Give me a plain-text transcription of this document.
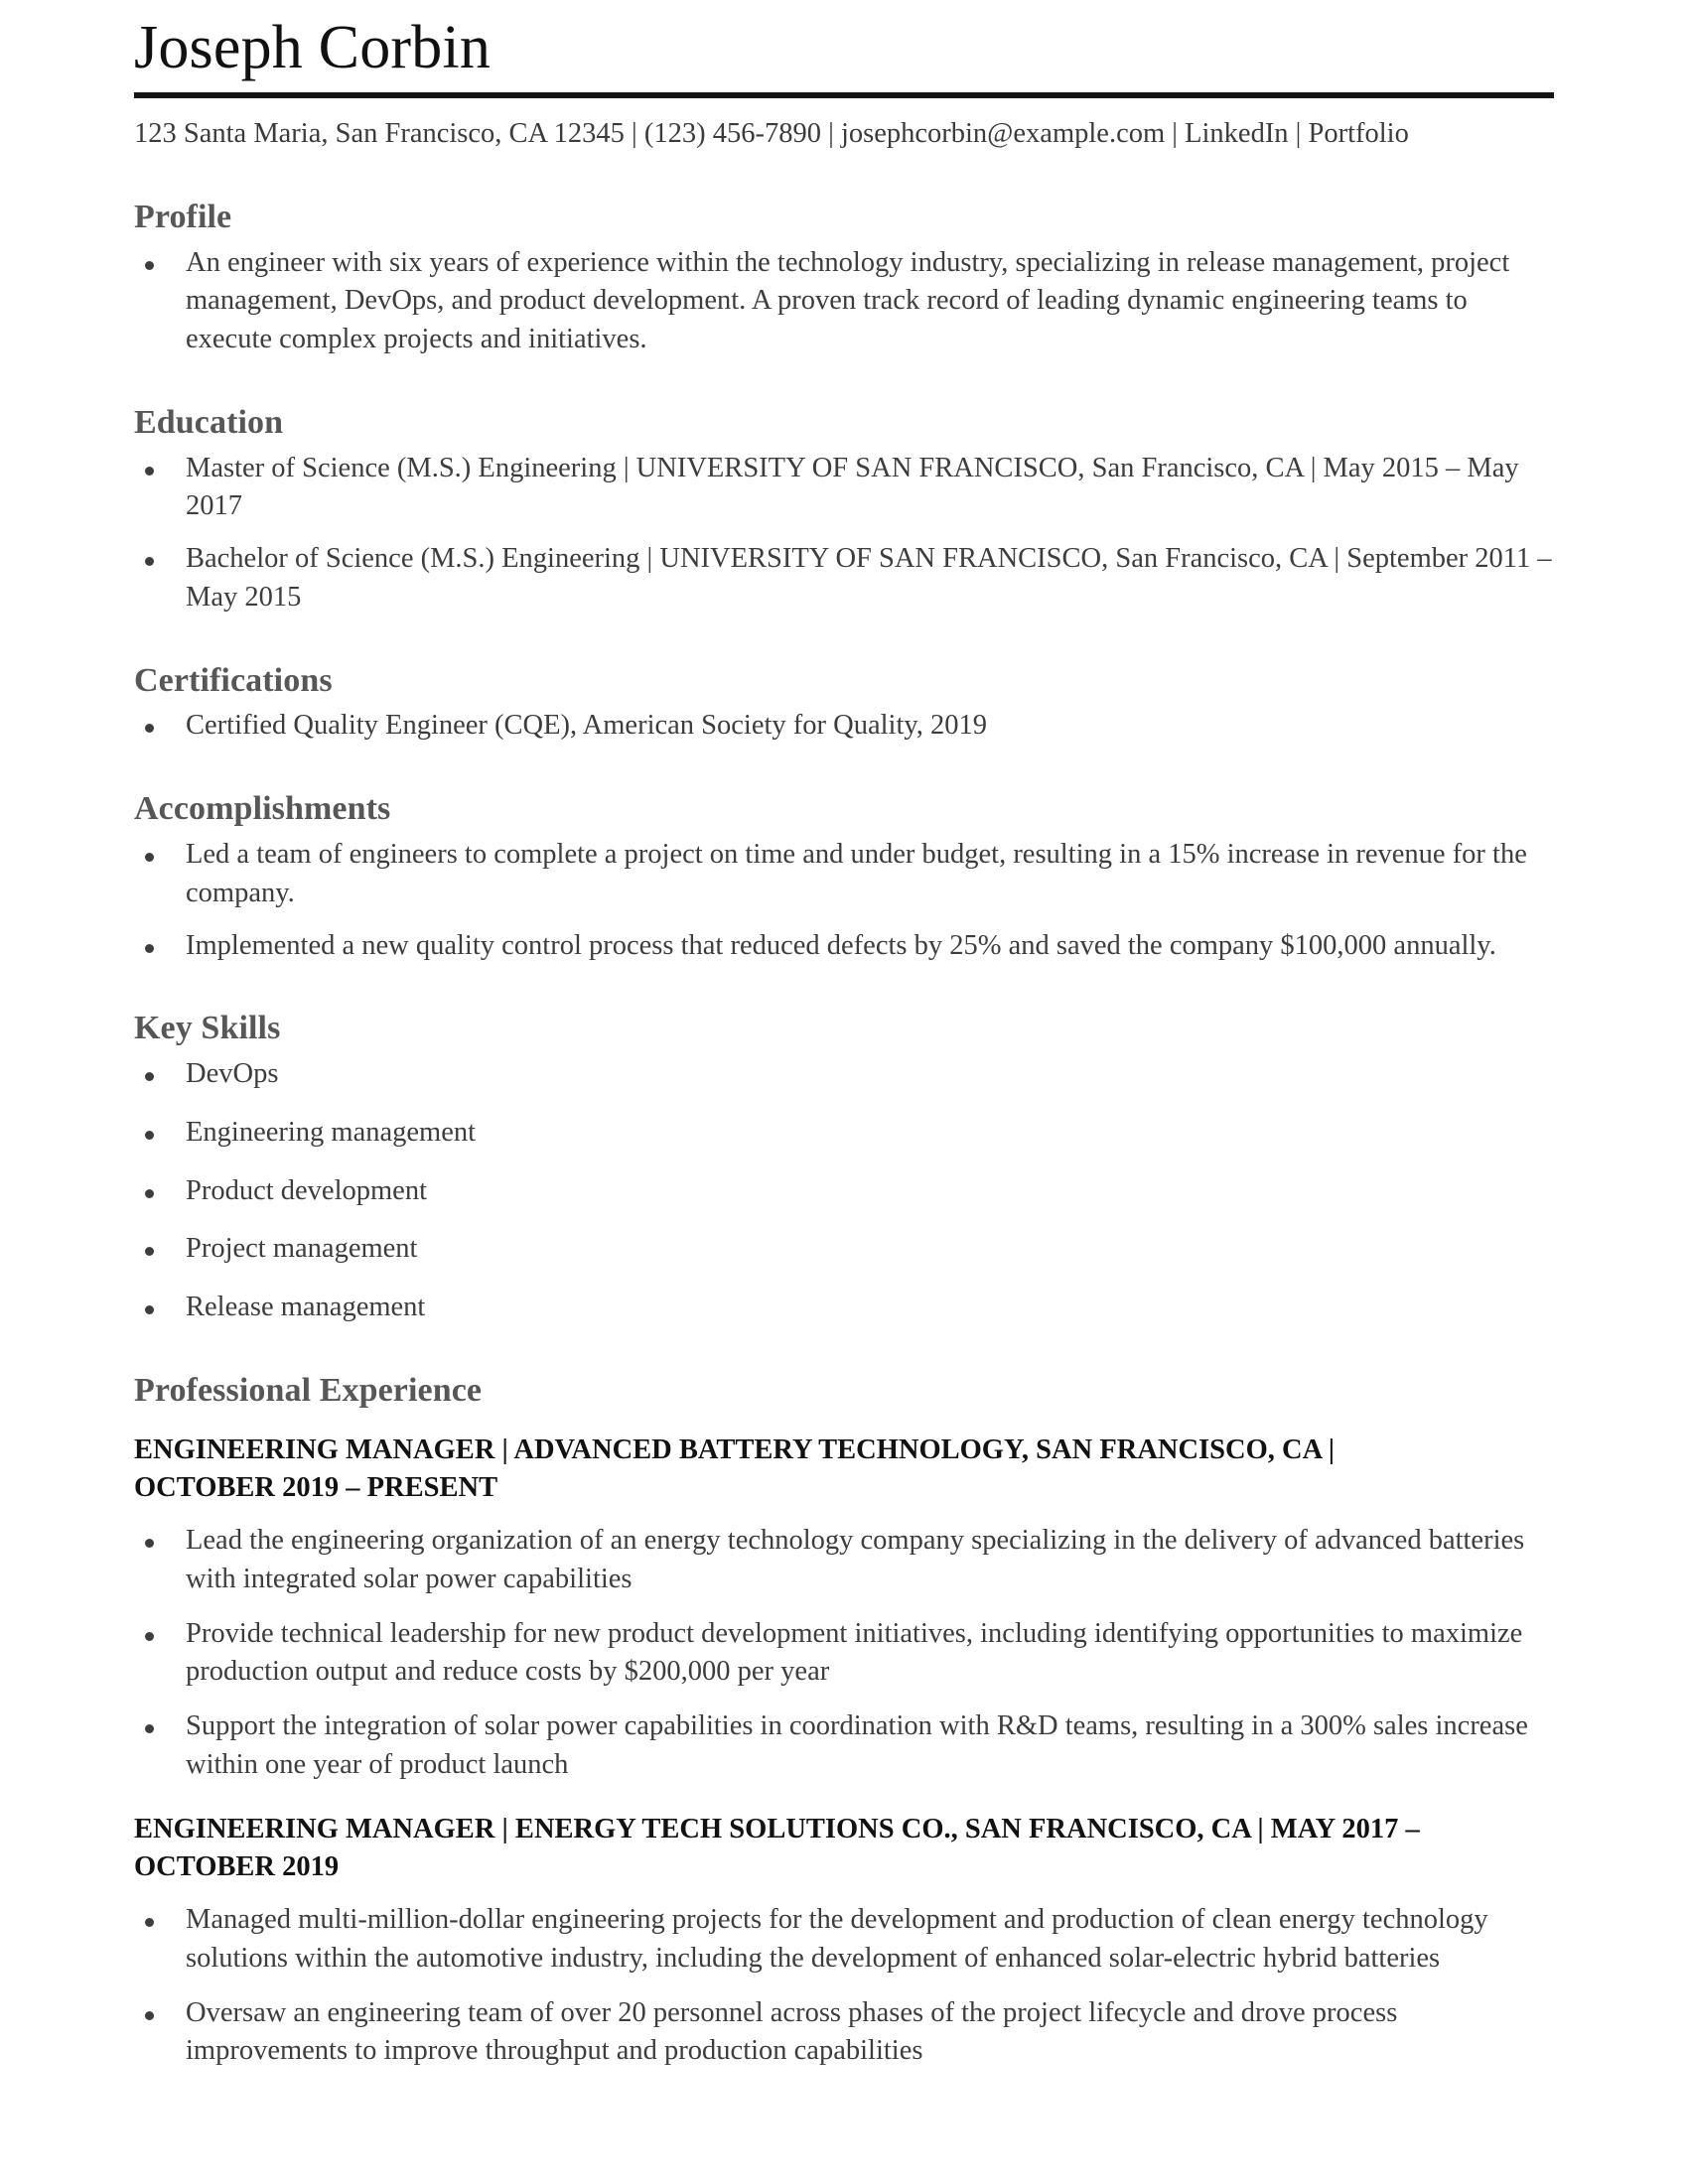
Joseph Corbin

123 Santa Maria, San Francisco, CA 12345 | (123) 456-7890 | josephcorbin@example.com | LinkedIn | Portfolio

Profile
An engineer with six years of experience within the technology industry, specializing in release management, project management, DevOps, and product development. A proven track record of leading dynamic engineering teams to execute complex projects and initiatives.
Education
Master of Science (M.S.) Engineering | UNIVERSITY OF SAN FRANCISCO, San Francisco, CA | May 2015 – May 2017
Bachelor of Science (M.S.) Engineering | UNIVERSITY OF SAN FRANCISCO, San Francisco, CA | September 2011 – May 2015
Certifications
Certified Quality Engineer (CQE), American Society for Quality, 2019
Accomplishments
Led a team of engineers to complete a project on time and under budget, resulting in a 15% increase in revenue for the company.
Implemented a new quality control process that reduced defects by 25% and saved the company $100,000 annually.
Key Skills
DevOps
Engineering management
Product development
Project management
Release management
Professional Experience
ENGINEERING MANAGER | ADVANCED BATTERY TECHNOLOGY, SAN FRANCISCO, CA | OCTOBER 2019 – PRESENT
Lead the engineering organization of an energy technology company specializing in the delivery of advanced batteries with integrated solar power capabilities
Provide technical leadership for new product development initiatives, including identifying opportunities to maximize production output and reduce costs by $200,000 per year
Support the integration of solar power capabilities in coordination with R&D teams, resulting in a 300% sales increase within one year of product launch
ENGINEERING MANAGER | ENERGY TECH SOLUTIONS CO., SAN FRANCISCO, CA | MAY 2017 – OCTOBER 2019
Managed multi-million-dollar engineering projects for the development and production of clean energy technology solutions within the automotive industry, including the development of enhanced solar-electric hybrid batteries
Oversaw an engineering team of over 20 personnel across phases of the project lifecycle and drove process improvements to improve throughput and production capabilities
